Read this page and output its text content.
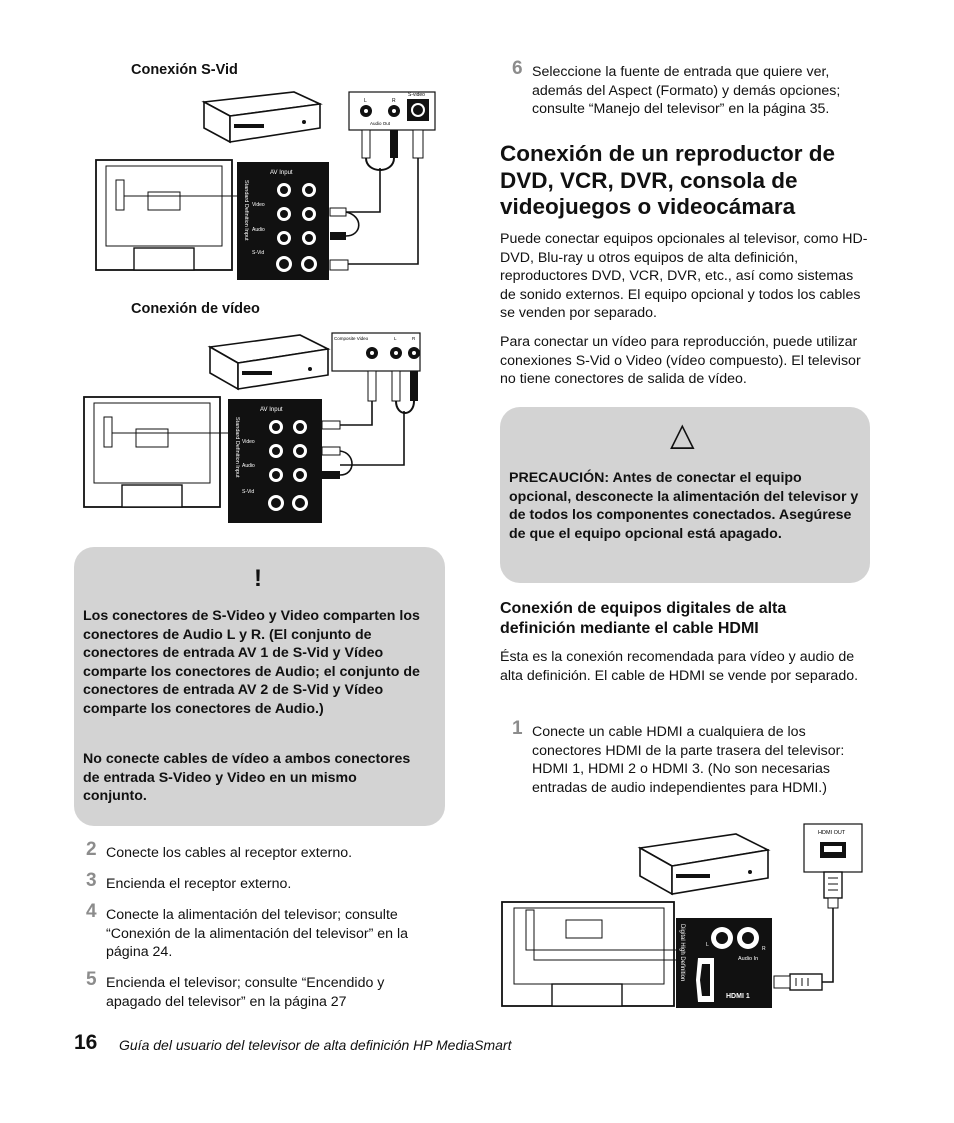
Conexión S-Vid
S-video
L	R
Audio Out
AV Input
Video
Audio
S-Vid
Standard Definition Input
Conexión de vídeo
Composite Video	L	R
AV Input
Video
Audio
S-Vid
Standard Definition Input
!
Los conectores de S-Video y Video comparten los conectores de Audio L y R. (El conjunto de conectores de entrada AV 1 de S-Vid y Vídeo comparte los conectores de Audio; el conjunto de conectores de entrada AV 2 de S-Vid y Vídeo comparte los conectores de Audio.)
No conecte cables de vídeo a ambos conectores de entrada S-Video y Video en un mismo conjunto.
2 Conecte los cables al receptor externo.
3 Encienda el receptor externo.
4 Conecte la alimentación del televisor; consulte “Conexión de la alimentación del televisor” en la página 24.
5 Encienda el televisor; consulte “Encendido y apagado del televisor” en la página 27
6 Seleccione la fuente de entrada que quiere ver, además del Aspect (Formato) y demás opciones; consulte “Manejo del televisor” en la página 35.
Conexión de un reproductor de DVD, VCR, DVR, consola de videojuegos o videocámara
Puede conectar equipos opcionales al televisor, como HD-DVD, Blu-ray u otros equipos de alta definición, reproductores DVD, VCR, DVR, etc., así como sistemas de sonido externos. El equipo opcional y todos los cables se venden por separado.
Para conectar un vídeo para reproducción, puede utilizar conexiones S-Vid o Video (vídeo compuesto). El televisor no tiene conectores de salida de vídeo.
△
PRECAUCIÓN: Antes de conectar el equipo opcional, desconecte la alimentación del televisor y de todos los componentes conectados. Asegúrese de que el equipo opcional está apagado.
Conexión de equipos digitales de alta definición mediante el cable HDMI
Ésta es la conexión recomendada para vídeo y audio de alta definición. El cable de HDMI se vende por separado.
1 Conecte un cable HDMI a cualquiera de los conectores HDMI de la parte trasera del televisor: HDMI 1, HDMI 2 o HDMI 3. (No son necesarias entradas de audio independientes para HDMI.)
HDMI OUT
Digital High Definition	L
R
Audio In
HDMI 1
16 Guía del usuario del televisor de alta definición HP MediaSmart
